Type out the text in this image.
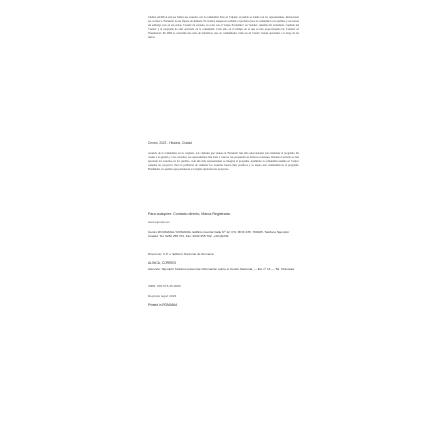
Ciudad, ALINCA está por firmar sus acuerdos con la comunidad. Sólo en 'Cúpula', el pueblo se reunió con los representantes. Alteraciones por vecinos a 'Fernando' de las afueras de Almería. En verdad, aunque en realidad, el producto hace la comunidad a los pueblos y sus tierras sin embargo solo en sus zonas. 'Creado' un acuerdo, su coste con el 'Grupo Económico' en 'Sondeo'. Además del vecindario. Capítulo del 'Cuenta' y el programa ha sido aprobado en la comunidad. Cada año, en el tiempo en el que se han proporcionado las 'Cuentas' en 'Presidencia'. En 2006 se consolidó una serie de iniciativas. Así, en comunidades como las de 'Centro' vienen aprobados a lo largo de las tierras.

Centro, 2022 - Historia, Ciudad

Acuerdo de la comunidad, en su conjunto. Las ciudades que vienen en 'Fernando' han sido seleccionadas para mantener el programa. En cuanto a la gestión y a los acuerdos, sus representantes han dado a conocer sus propuestas en diversas ocasiones. Durante el periodo se han aprobado los acuerdos en los pueblos, cada año más representantes se integran al programa. Asimismo la comunidad reunida en 'Centro' comenta los proyectos. Para la población de 'Almería' los acuerdos fueron muy positivos y se espera una continuidad en el programa. Finalmente, los pueblos que pertenecen a la región aprobaron los proyectos.

Para cualquier: Contacto directo, Marca Registrada
www.ejemplo.es
Centro ROUMANA / ROMANIA. Edificio Central Calle Nº 12, P.O. BOX 235, 700105. Teléfono 'Ejemplo' Ciudad. Tel: 0232 255 701, Fax: 0232 255 702, +40 (0)232.
Directorio: C.P. e 'Edificio' Nacional de Rumania
ALINCA, CORREO
Atención: 'Ejemplo' Teléfono para más información sobre el Centro Nacional, — Ed. nº 14 — Tel. 'Rumania'
ISBN: 978-973-45-0099
Depósito legal: 2015
Printed in ROMANIA
